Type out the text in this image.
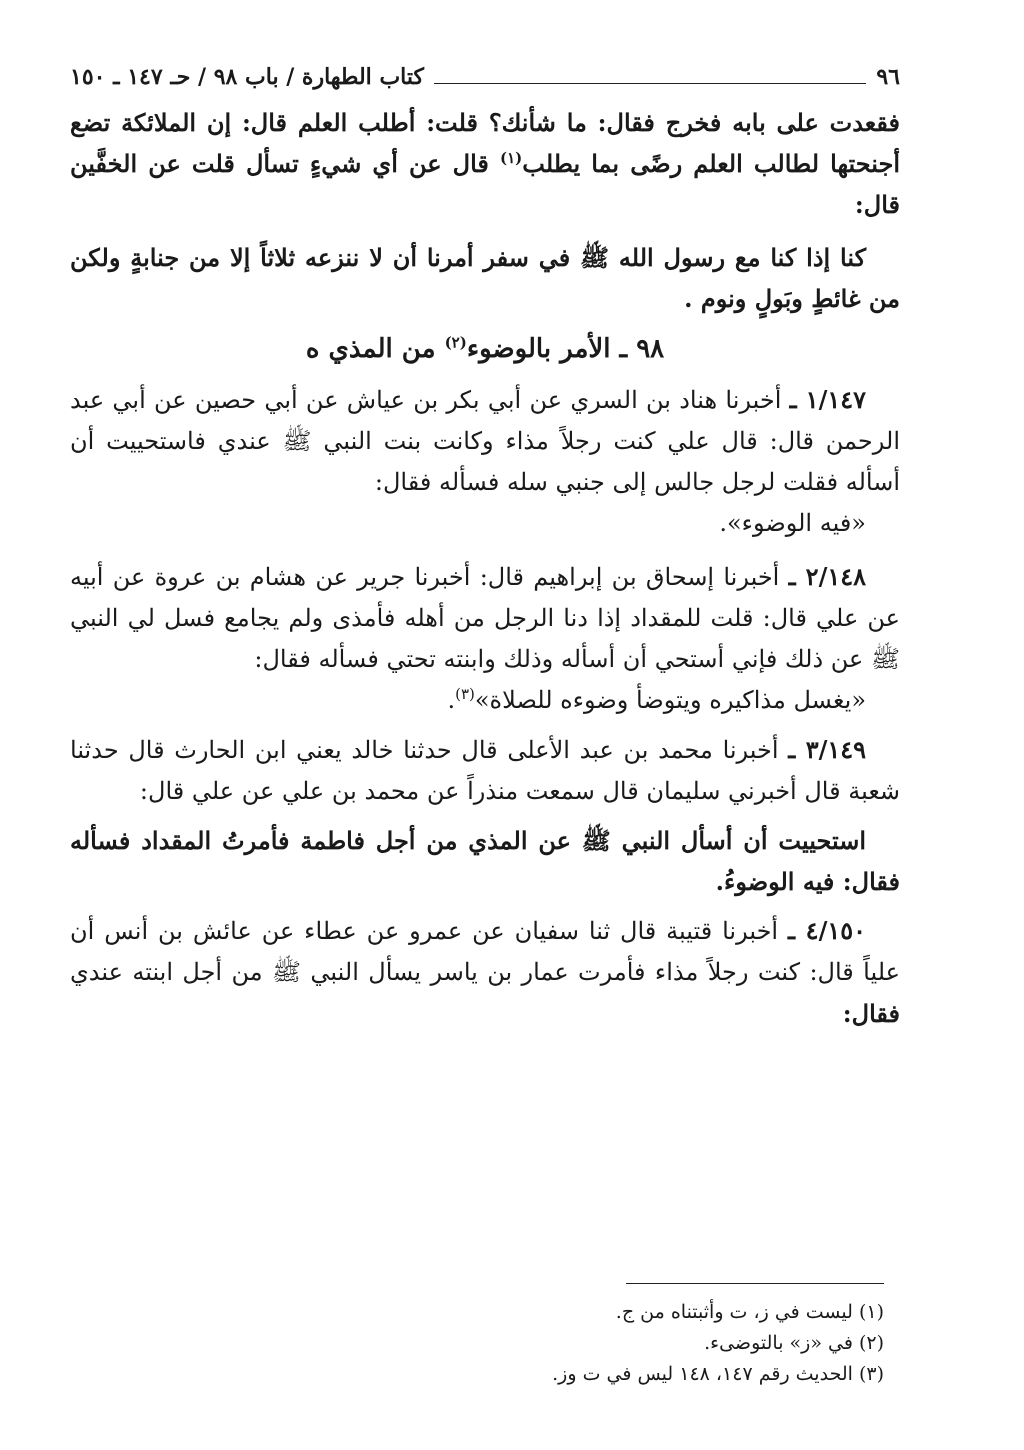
٩٦
كتاب الطهارة / باب ٩٨ / حـ ١٤٧ ـ ١٥٠

فقعدت على بابه فخرج فقال: ما شأنك؟ قلت: أطلب العلم قال: إن الملائكة تضع أجنحتها لطالب العلم رضًى بما يطلب$^{(١)}$ قال عن أي شيءٍ تسأل قلت عن الخفَّين قال:

كنا إذا كنا مع رسول الله ﷺ في سفر أمرنا أن لا ننزعه ثلاثاً إلا من جنابةٍ ولكن من غائطٍ وبَولٍ ونوم .

٩٨ ـ الأمر بالوضوء$^{(٢)}$ من المذي ه

١/١٤٧ ـ أخبرنا هناد بن السري عن أبي بكر بن عياش عن أبي حصين عن أبي عبد الرحمن قال: قال علي كنت رجلاً مذاء وكانت بنت النبي ﷺ عندي فاستحييت أن أسأله فقلت لرجل جالس إلى جنبي سله فسأله فقال:

«فيه الوضوء».

٢/١٤٨ ـ أخبرنا إسحاق بن إبراهيم قال: أخبرنا جرير عن هشام بن عروة عن أبيه عن علي قال: قلت للمقداد إذا دنا الرجل من أهله فأمذى ولم يجامع فسل لي النبي ﷺ عن ذلك فإني أستحي أن أسأله وذلك وابنته تحتي فسأله فقال:

«يغسل مذاكيره ويتوضأ وضوءه للصلاة»$^{(٣)}$.

٣/١٤٩ ـ أخبرنا محمد بن عبد الأعلى قال حدثنا خالد يعني ابن الحارث قال حدثنا شعبة قال أخبرني سليمان قال سمعت منذراً عن محمد بن علي عن علي قال:

استحييت أن أسأل النبي ﷺ عن المذي من أجل فاطمة فأمرتُ المقداد فسأله فقال: فيه الوضوءُ.

٤/١٥٠ ـ أخبرنا قتيبة قال ثنا سفيان عن عمرو عن عطاء عن عائش بن أنس أن علياً قال: كنت رجلاً مذاء فأمرت عمار بن ياسر يسأل النبي ﷺ من أجل ابنته عندي فقال:

(١) ليست في ز، ت وأثبتناه من ج.

(٢) في «ز» بالتوضىء.

(٣) الحديث رقم ١٤٧، ١٤٨ ليس في ت وز.
